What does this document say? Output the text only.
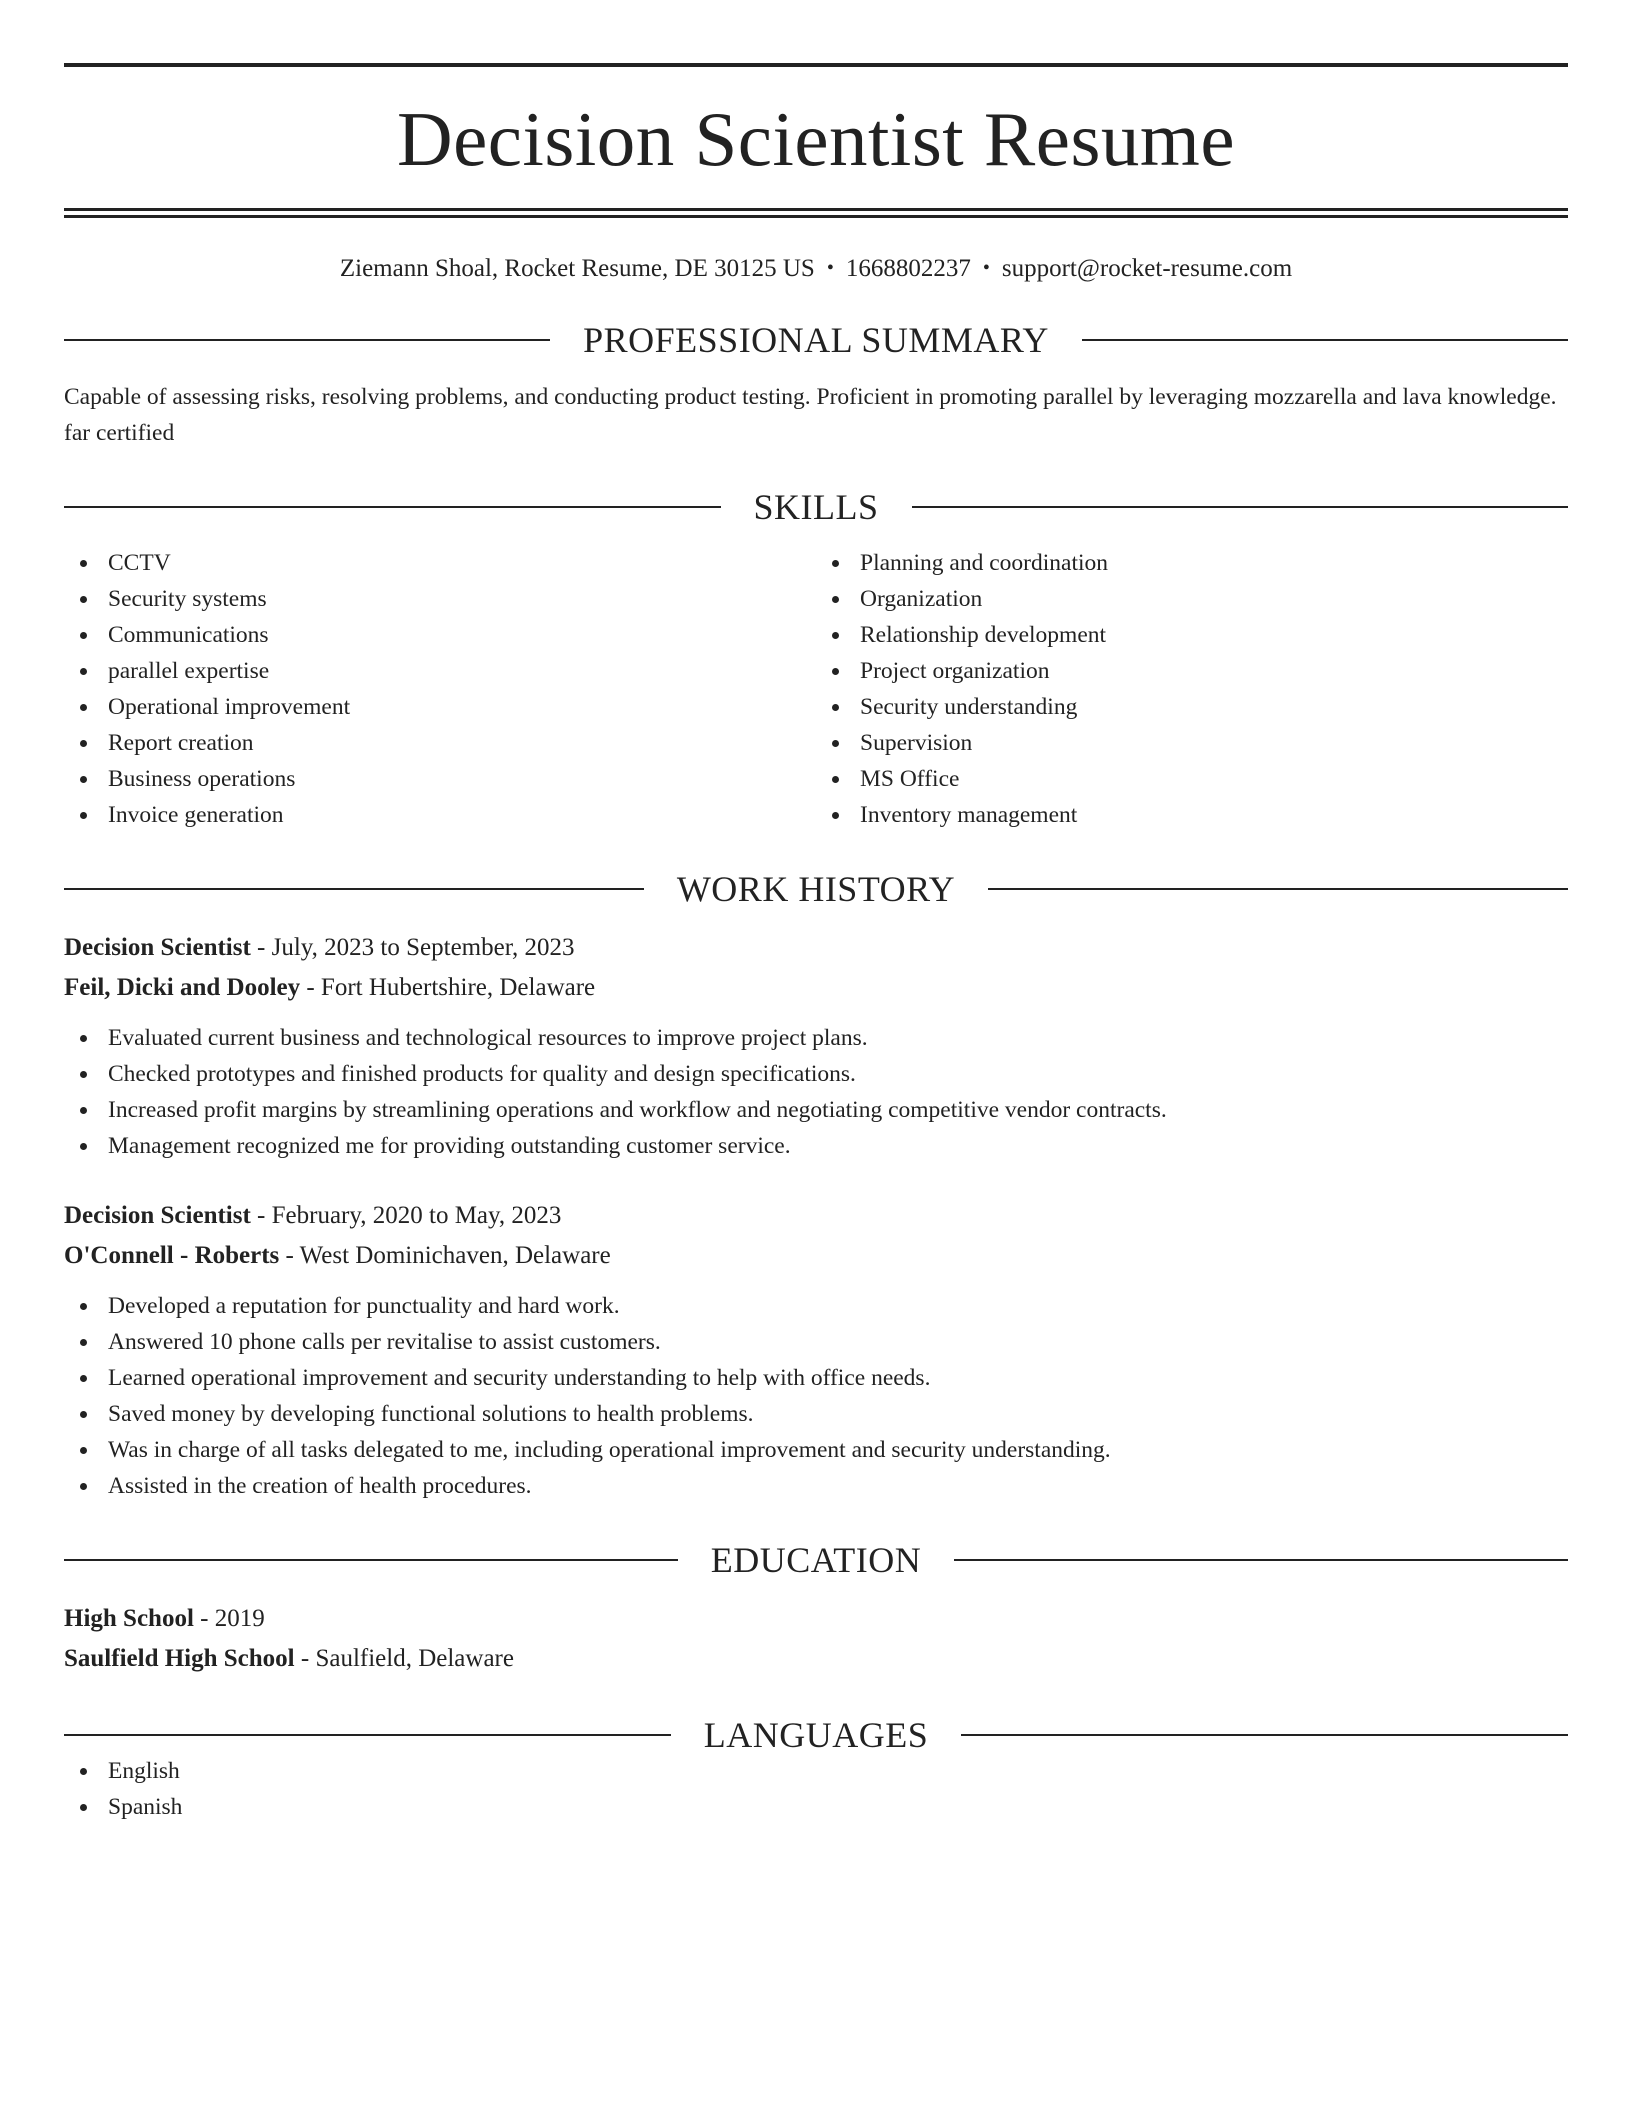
Decision Scientist Resume
Ziemann Shoal, Rocket Resume, DE 30125 US • 1668802237 • support@rocket-resume.com
PROFESSIONAL SUMMARY
Capable of assessing risks, resolving problems, and conducting product testing. Proficient in promoting parallel by leveraging mozzarella and lava knowledge. far certified
SKILLS
CCTV
Security systems
Communications
parallel expertise
Operational improvement
Report creation
Business operations
Invoice generation
Planning and coordination
Organization
Relationship development
Project organization
Security understanding
Supervision
MS Office
Inventory management
WORK HISTORY
Decision Scientist - July, 2023 to September, 2023
Feil, Dicki and Dooley - Fort Hubertshire, Delaware
Evaluated current business and technological resources to improve project plans.
Checked prototypes and finished products for quality and design specifications.
Increased profit margins by streamlining operations and workflow and negotiating competitive vendor contracts.
Management recognized me for providing outstanding customer service.
Decision Scientist - February, 2020 to May, 2023
O'Connell - Roberts - West Dominichaven, Delaware
Developed a reputation for punctuality and hard work.
Answered 10 phone calls per revitalise to assist customers.
Learned operational improvement and security understanding to help with office needs.
Saved money by developing functional solutions to health problems.
Was in charge of all tasks delegated to me, including operational improvement and security understanding.
Assisted in the creation of health procedures.
EDUCATION
High School - 2019
Saulfield High School - Saulfield, Delaware
LANGUAGES
English
Spanish
